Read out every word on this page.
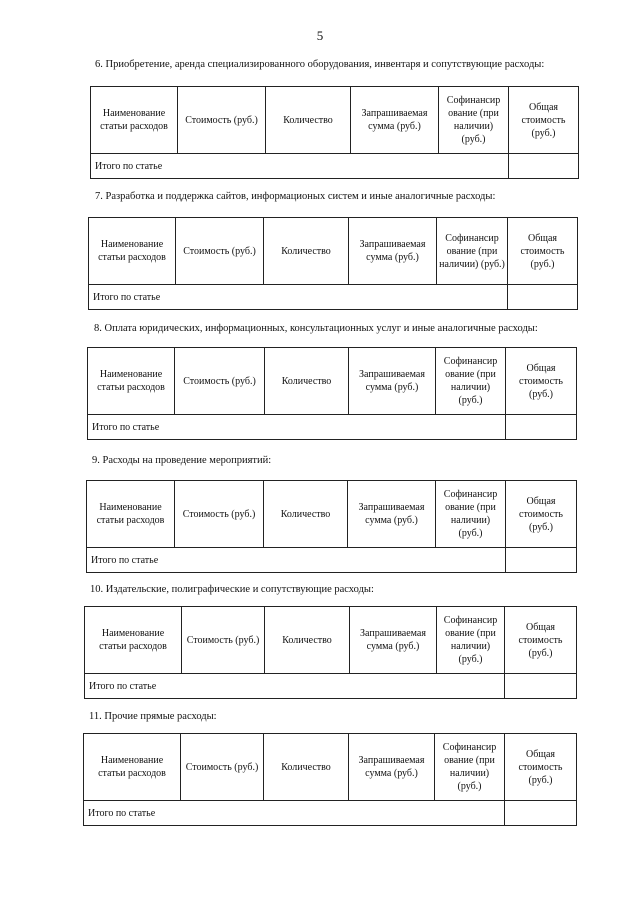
5
6. Приобретение, аренда специализированного оборудования, инвентаря и сопутствующие расходы:
Наименование статьи расходов	Стоимость (руб.)	Количество	Запрашиваемая сумма (руб.)	Софинансир ование (при наличии) (руб.)	Общая стоимость (руб.)
Итого по статье					
7. Разработка и поддержка сайтов, информационых систем и иные аналогичные расходы:
Наименование статьи расходов	Стоимость (руб.)	Количество	Запрашиваемая сумма (руб.)	Софинансир ование (при наличии) (руб.)	Общая стоимость (руб.)
Итого по статье					
8. Оплата юридических, информационных, консультационных услуг и иные аналогичные расходы:
Наименование статьи расходов	Стоимость (руб.)	Количество	Запрашиваемая сумма (руб.)	Софинансир ование (при наличии) (руб.)	Общая стоимость (руб.)
Итого по статье					
9. Расходы на проведение мероприятий:
Наименование статьи расходов	Стоимость (руб.)	Количество	Запрашиваемая сумма (руб.)	Софинансир ование (при наличии) (руб.)	Общая стоимость (руб.)
Итого по статье					
10. Издательские, полиграфические и сопутствующие расходы:
Наименование статьи расходов	Стоимость (руб.)	Количество	Запрашиваемая сумма (руб.)	Софинансир ование (при наличии) (руб.)	Общая стоимость (руб.)
Итого по статье					
11. Прочие прямые расходы:
Наименование статьи расходов	Стоимость (руб.)	Количество	Запрашиваемая сумма (руб.)	Софинансир ование (при наличии) (руб.)	Общая стоимость (руб.)
Итого по статье					
